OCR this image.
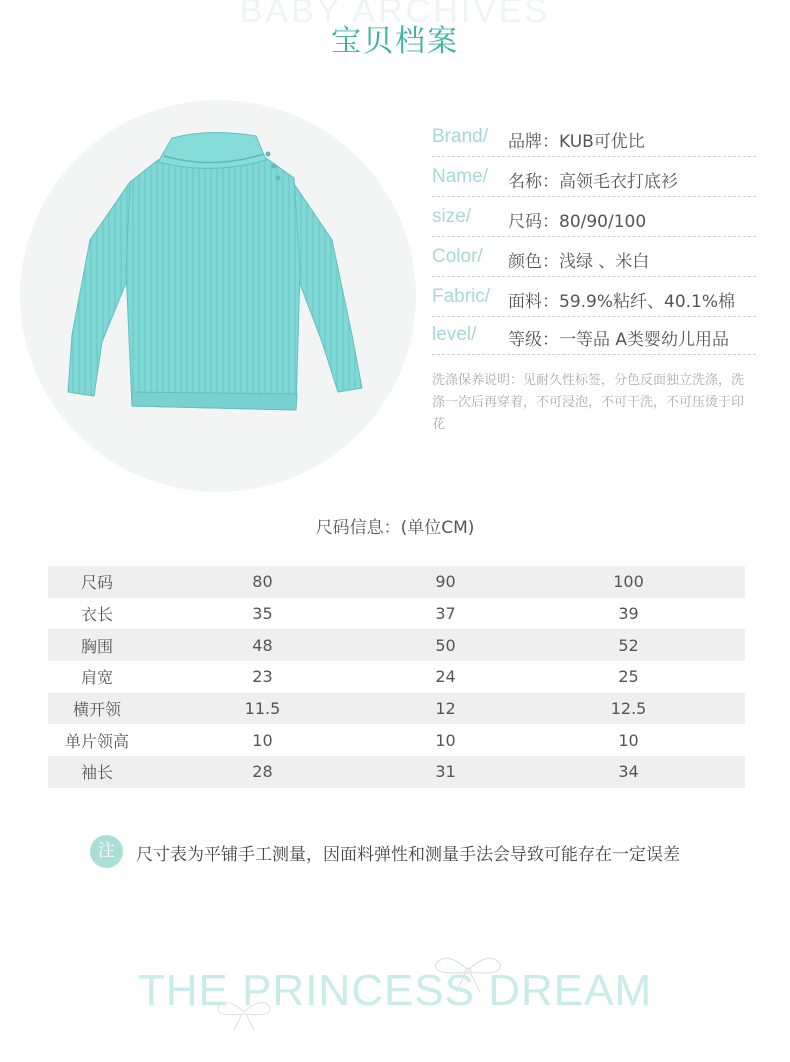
BABY ARCHIVES
宝贝档案
Brand/ 品牌：KUB可优比
Name/ 名称：高领毛衣打底衫
size/ 尺码：80/90/100
Color/ 颜色：浅绿 、米白
Fabric/ 面料：59.9%粘纤、40.1%棉
level/ 等级：一等品 A类婴幼儿用品
洗涤保养说明：见耐久性标签，分色反面独立洗涤，洗涤一次后再穿着，不可浸泡，不可干洗，不可压烫于印花
尺码信息：(单位CM)
尺码	80	90	100
衣长	35	37	39
胸围	48	50	52
肩宽	23	24	25
横开领	11.5	12	12.5
单片领高	10	10	10
袖长	28	31	34
注	尺寸表为平铺手工测量，因面料弹性和测量手法会导致可能存在一定误差
THE PRINCESS DREAM
